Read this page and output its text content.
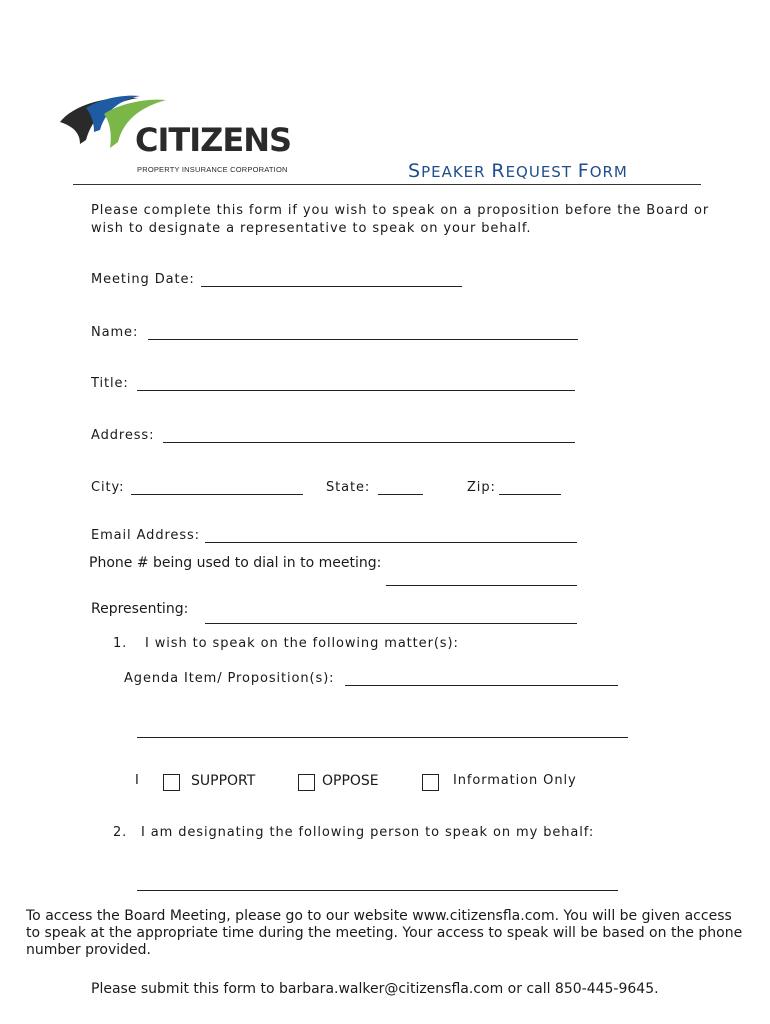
CITIZENS
PROPERTY INSURANCE CORPORATION	SPEAKER REQUEST FORM
Please complete this form if you wish to speak on a proposition before the Board or
wish to designate a representative to speak on your behalf.
Meeting Date:
Name:
Title:
Address:
City:	State:	Zip:
Email Address:
Phone # being used to dial in to meeting:
Representing:
1. I wish to speak on the following matter(s):
Agenda Item/ Proposition(s):
I	SUPPORT	OPPOSE	Information Only
2. I am designating the following person to speak on my behalf:
To access the Board Meeting, please go to our website www.citizensfla.com. You will be given access
to speak at the appropriate time during the meeting. Your access to speak will be based on the phone
number provided.
Please submit this form to barbara.walker@citizensfla.com or call 850-445-9645.
